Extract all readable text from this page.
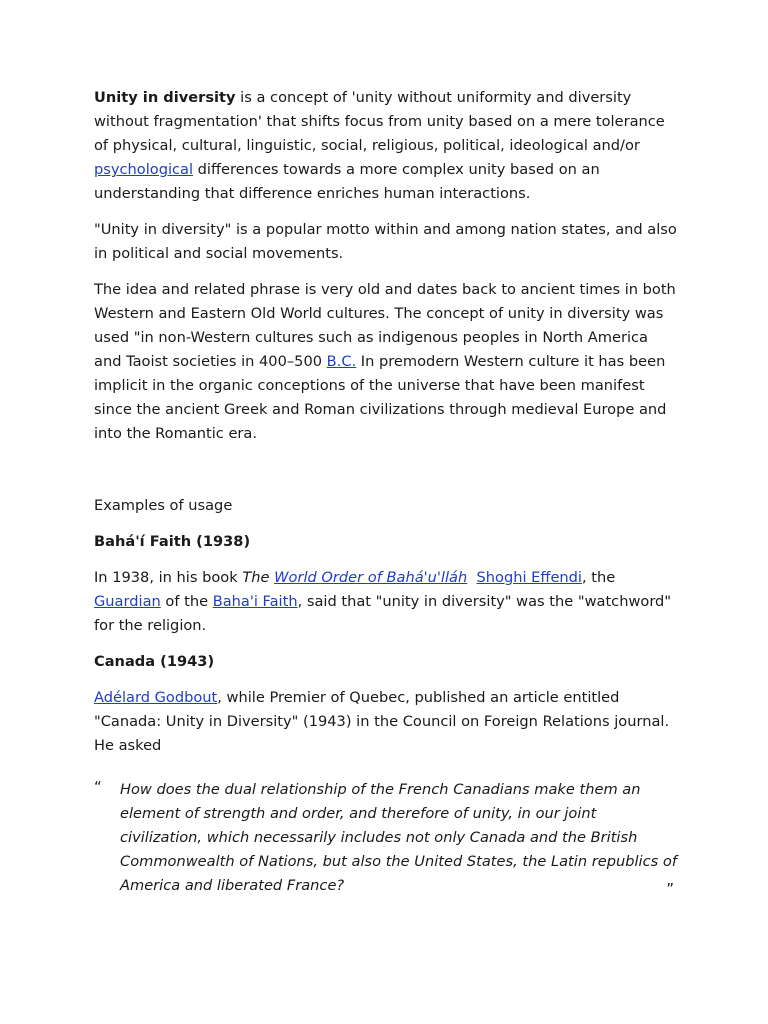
Unity in diversity is a concept of 'unity without uniformity and diversity without fragmentation' that shifts focus from unity based on a mere tolerance of physical, cultural, linguistic, social, religious, political, ideological and/or psychological differences towards a more complex unity based on an understanding that difference enriches human interactions.

"Unity in diversity" is a popular motto within and among nation states, and also in political and social movements.

The idea and related phrase is very old and dates back to ancient times in both Western and Eastern Old World cultures. The concept of unity in diversity was used "in non-Western cultures such as indigenous peoples in North America and Taoist societies in 400–500 B.C. In premodern Western culture it has been implicit in the organic conceptions of the universe that have been manifest since the ancient Greek and Roman civilizations through medieval Europe and into the Romantic era.

Examples of usage

Bahá'í Faith (1938)

In 1938, in his book The World Order of Bahá'u'lláh Shoghi Effendi, the Guardian of the Baha'i Faith, said that "unity in diversity" was the "watchword" for the religion.

Canada (1943)

Adélard Godbout, while Premier of Quebec, published an article entitled "Canada: Unity in Diversity" (1943) in the Council on Foreign Relations journal. He asked

“ How does the dual relationship of the French Canadians make them an element of strength and order, and therefore of unity, in our joint civilization, which necessarily includes not only Canada and the British Commonwealth of Nations, but also the United States, the Latin republics of America and liberated France?	”
